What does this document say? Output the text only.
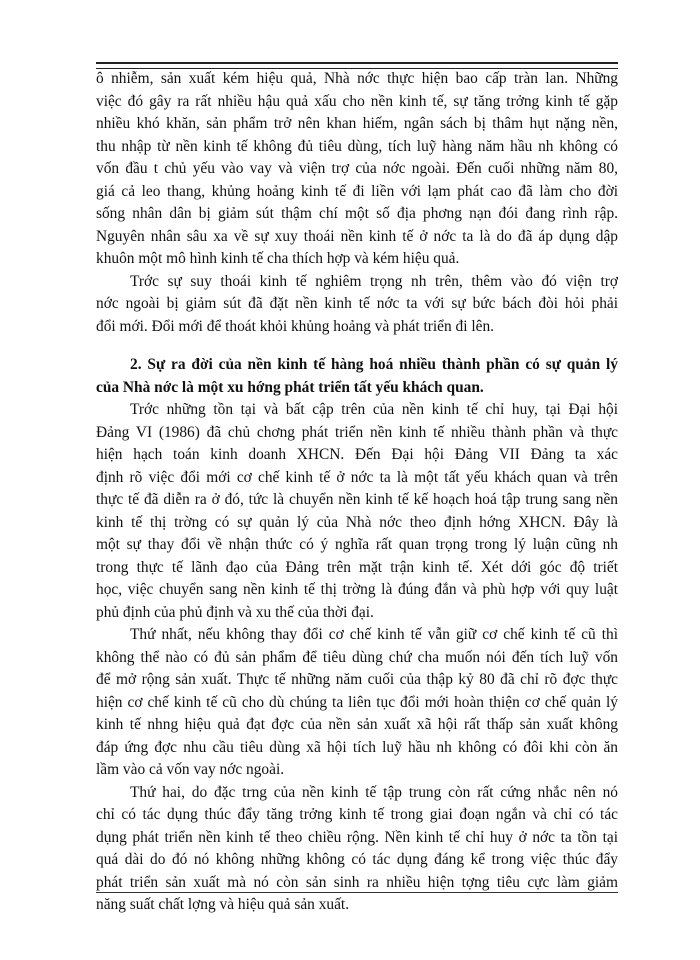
ô nhiễm, sản xuất kém hiệu quả, Nhà nớc thực hiện bao cấp tràn lan. Những
việc đó gây ra rất nhiều hậu quả xấu cho nền kinh tế, sự tăng trởng kinh tế gặp
nhiều khó khăn, sản phẩm trở nên khan hiếm, ngân sách bị thâm hụt nặng nền,
thu nhập từ nền kinh tế không đủ tiêu dùng, tích luỹ hàng năm hầu nh không có
vốn đầu t chủ yếu vào vay và viện trợ của nớc ngoài. Đến cuối những năm 80,
giá cả leo thang, khủng hoảng kinh tế đi liền với lạm phát cao đã làm cho đời
sống nhân dân bị giảm sút thậm chí một số địa phơng nạn đói đang rình rập.
Nguyên nhân sâu xa về sự xuy thoái nền kinh tế ở nớc ta là do đã áp dụng dập
khuôn một mô hình kinh tế cha thích hợp và kém hiệu quả.
Trớc sự suy thoái kinh tế nghiêm trọng nh trên, thêm vào đó viện trợ
nớc ngoài bị giảm sút đã đặt nền kinh tế nớc ta với sự bức bách đòi hỏi phải
đổi mới. Đổi mới để thoát khỏi khủng hoảng và phát triển đi lên.
2. Sự ra đời của nền kinh tế hàng hoá nhiều thành phần có sự quản lý
của Nhà nớc là một xu hớng phát triển tất yếu khách quan.
Trớc những tồn tại và bất cập trên của nền kinh tế chỉ huy, tại Đại hội
Đảng VI (1986) đã chủ chơng phát triển nền kinh tế nhiều thành phần và thực
hiện hạch toán kinh doanh XHCN. Đến Đại hội Đảng VII Đảng ta xác
định rõ việc đổi mới cơ chế kinh tế ở nớc ta là một tất yếu khách quan và trên
thực tế đã diễn ra ở đó, tức là chuyển nền kinh tế kế hoạch hoá tập trung sang nền
kinh tế thị trờng có sự quản lý của Nhà nớc theo định hớng XHCN. Đây là
một sự thay đổi về nhận thức có ý nghĩa rất quan trọng trong lý luận cũng nh
trong thực tế lãnh đạo của Đảng trên mặt trận kinh tế. Xét dới góc độ triết
học, việc chuyển sang nền kinh tế thị trờng là đúng đắn và phù hợp với quy luật
phủ định của phủ định và xu thế của thời đại.
Thứ nhất, nếu không thay đổi cơ chế kinh tế vẫn giữ cơ chế kinh tế cũ thì
không thể nào có đủ sản phẩm để tiêu dùng chứ cha muốn nói đến tích luỹ vốn
để mở rộng sản xuất. Thực tế những năm cuối của thập kỷ 80 đã chỉ rõ đợc thực
hiện cơ chế kinh tế cũ cho dù chúng ta liên tục đổi mới hoàn thiện cơ chế quản lý
kinh tế nhng hiệu quả đạt đợc của nền sản xuất xã hội rất thấp sản xuất không
đáp ứng đợc nhu cầu tiêu dùng xã hội tích luỹ hầu nh không có đôi khi còn ăn
lầm vào cả vốn vay nớc ngoài.
Thứ hai, do đặc trng của nền kinh tế tập trung còn rất cứng nhắc nên nó
chỉ có tác dụng thúc đẩy tăng trởng kinh tế trong giai đoạn ngắn và chỉ có tác
dụng phát triển nền kinh tế theo chiều rộng. Nền kinh tế chỉ huy ở nớc ta tồn tại
quá dài do đó nó không những không có tác dụng đáng kể trong việc thúc đẩy
phát triển sản xuất mà nó còn sản sinh ra nhiều hiện tợng tiêu cực làm giảm
năng suất chất lợng và hiệu quả sản xuất.
